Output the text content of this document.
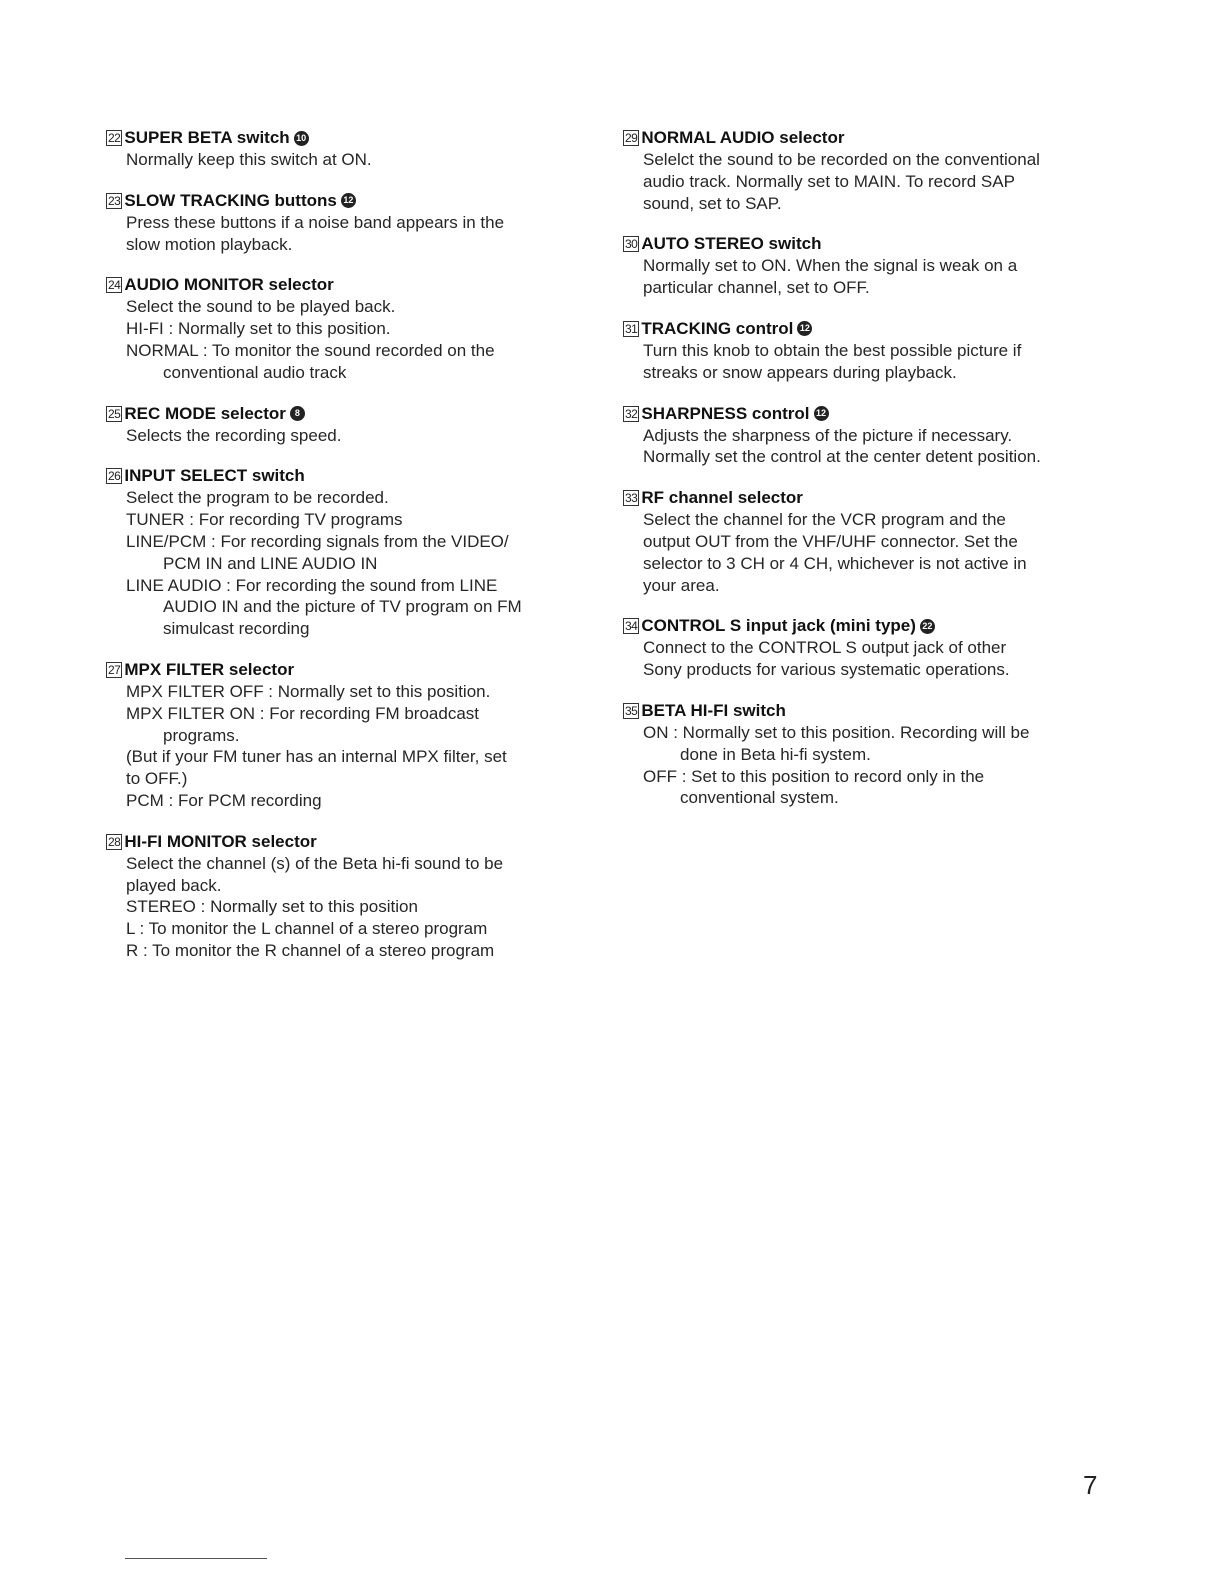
22 SUPER BETA switch 10
Normally keep this switch at ON.
23 SLOW TRACKING buttons 12
Press these buttons if a noise band appears in the
slow motion playback.
24 AUDIO MONITOR selector
Select the sound to be played back.
HI-FI : Normally set to this position.
NORMAL : To monitor the sound recorded on the
conventional audio track
25 REC MODE selector 8
Selects the recording speed.
26 INPUT SELECT switch
Select the program to be recorded.
TUNER : For recording TV programs
LINE/PCM : For recording signals from the VIDEO/
PCM IN and LINE AUDIO IN
LINE AUDIO : For recording the sound from LINE
AUDIO IN and the picture of TV program on FM
simulcast recording
27 MPX FILTER selector
MPX FILTER OFF : Normally set to this position.
MPX FILTER ON : For recording FM broadcast
programs.
(But if your FM tuner has an internal MPX filter, set
to OFF.)
PCM : For PCM recording
28 HI-FI MONITOR selector
Select the channel (s) of the Beta hi-fi sound to be
played back.
STEREO : Normally set to this position
L : To monitor the L channel of a stereo program
R : To monitor the R channel of a stereo program
29 NORMAL AUDIO selector
Selelct the sound to be recorded on the conventional
audio track. Normally set to MAIN. To record SAP
sound, set to SAP.
30 AUTO STEREO switch
Normally set to ON. When the signal is weak on a
particular channel, set to OFF.
31 TRACKING control 12
Turn this knob to obtain the best possible picture if
streaks or snow appears during playback.
32 SHARPNESS control 12
Adjusts the sharpness of the picture if necessary.
Normally set the control at the center detent position.
33 RF channel selector
Select the channel for the VCR program and the
output OUT from the VHF/UHF connector. Set the
selector to 3 CH or 4 CH, whichever is not active in
your area.
34 CONTROL S input jack (mini type) 22
Connect to the CONTROL S output jack of other
Sony products for various systematic operations.
35 BETA HI-FI switch
ON : Normally set to this position. Recording will be
done in Beta hi-fi system.
OFF : Set to this position to record only in the
conventional system.
7
